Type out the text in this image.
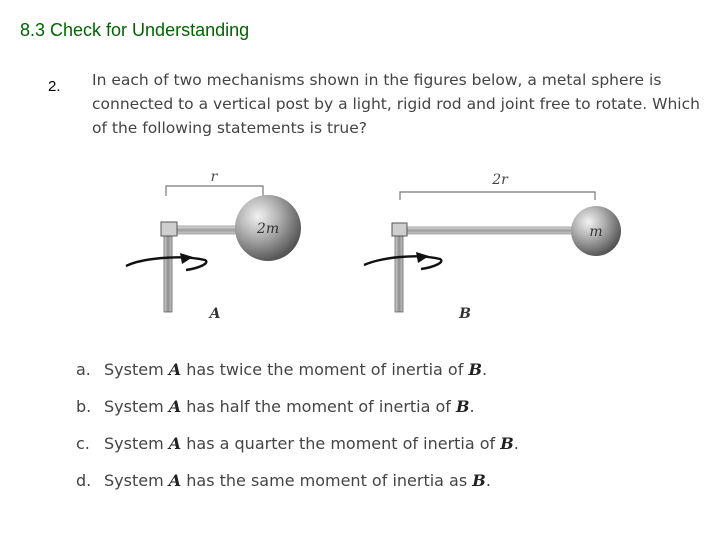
8.3 Check for Understanding
2. In each of two mechanisms shown in the figures below, a metal sphere is connected to a vertical post by a light, rigid rod and joint free to rotate. Which of the following statements is true?
r
2m
A
2r
m
B
a. System A has twice the moment of inertia of B.
b. System A has half the moment of inertia of B.
c. System A has a quarter the moment of inertia of B.
d. System A has the same moment of inertia as B.
